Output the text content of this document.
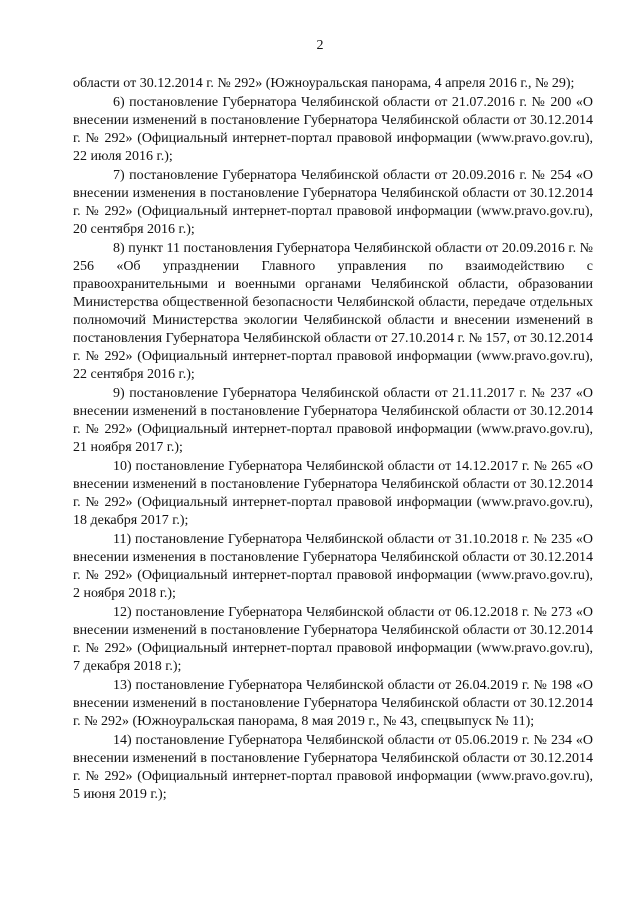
2

области от 30.12.2014 г. № 292» (Южноуральская панорама, 4 апреля 2016 г., № 29);

6) постановление Губернатора Челябинской области от 21.07.2016 г. № 200 «О внесении изменений в постановление Губернатора Челябинской области от 30.12.2014 г. № 292» (Официальный интернет-портал правовой информации (www.pravo.gov.ru), 22 июля 2016 г.);

7) постановление Губернатора Челябинской области от 20.09.2016 г. № 254 «О внесении изменения в постановление Губернатора Челябинской области от 30.12.2014 г. № 292» (Официальный интернет-портал правовой информации (www.pravo.gov.ru), 20 сентября 2016 г.);

8) пункт 11 постановления Губернатора Челябинской области от 20.09.2016 г. № 256 «Об упразднении Главного управления по взаимодействию с правоохранительными и военными органами Челябинской области, образовании Министерства общественной безопасности Челябинской области, передаче отдельных полномочий Министерства экологии Челябинской области и внесении изменений в постановления Губернатора Челябинской области от 27.10.2014 г. № 157, от 30.12.2014 г. № 292» (Официальный интернет-портал правовой информации (www.pravo.gov.ru), 22 сентября 2016 г.);

9) постановление Губернатора Челябинской области от 21.11.2017 г. № 237 «О внесении изменений в постановление Губернатора Челябинской области от 30.12.2014 г. № 292» (Официальный интернет-портал правовой информации (www.pravo.gov.ru), 21 ноября 2017 г.);

10) постановление Губернатора Челябинской области от 14.12.2017 г. № 265 «О внесении изменений в постановление Губернатора Челябинской области от 30.12.2014 г. № 292» (Официальный интернет-портал правовой информации (www.pravo.gov.ru), 18 декабря 2017 г.);

11) постановление Губернатора Челябинской области от 31.10.2018 г. № 235 «О внесении изменения в постановление Губернатора Челябинской области от 30.12.2014 г. № 292» (Официальный интернет-портал правовой информации (www.pravo.gov.ru), 2 ноября 2018 г.);

12) постановление Губернатора Челябинской области от 06.12.2018 г. № 273 «О внесении изменений в постановление Губернатора Челябинской области от 30.12.2014 г. № 292» (Официальный интернет-портал правовой информации (www.pravo.gov.ru), 7 декабря 2018 г.);

13) постановление Губернатора Челябинской области от 26.04.2019 г. № 198 «О внесении изменений в постановление Губернатора Челябинской области от 30.12.2014 г. № 292» (Южноуральская панорама, 8 мая 2019 г., № 43, спецвыпуск № 11);

14) постановление Губернатора Челябинской области от 05.06.2019 г. № 234 «О внесении изменений в постановление Губернатора Челябинской области от 30.12.2014 г. № 292» (Официальный интернет-портал правовой информации (www.pravo.gov.ru), 5 июня 2019 г.);
